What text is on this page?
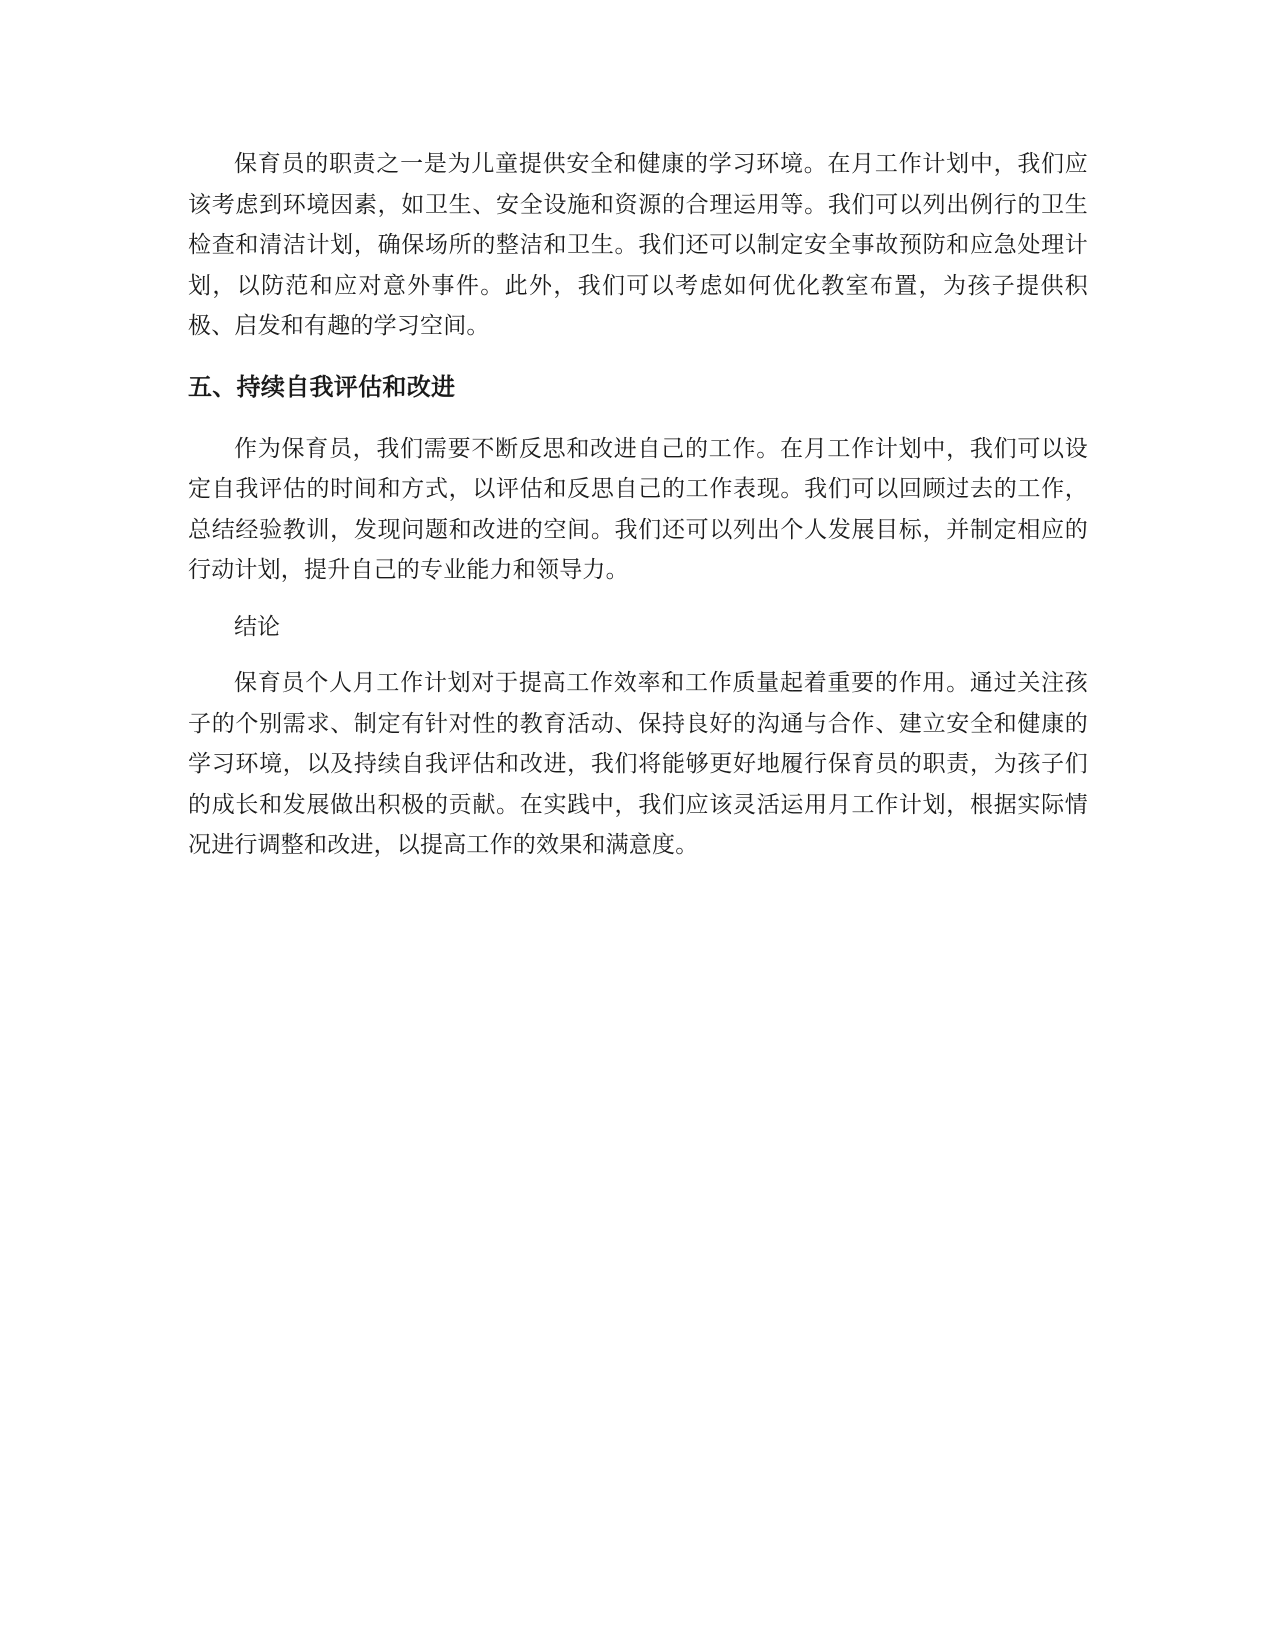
保育员的职责之一是为儿童提供安全和健康的学习环境。在月工作计划中，我们应该考虑到环境因素，如卫生、安全设施和资源的合理运用等。我们可以列出例行的卫生检查和清洁计划，确保场所的整洁和卫生。我们还可以制定安全事故预防和应急处理计划，以防范和应对意外事件。此外，我们可以考虑如何优化教室布置，为孩子提供积极、启发和有趣的学习空间。

五、持续自我评估和改进

作为保育员，我们需要不断反思和改进自己的工作。在月工作计划中，我们可以设定自我评估的时间和方式，以评估和反思自己的工作表现。我们可以回顾过去的工作，总结经验教训，发现问题和改进的空间。我们还可以列出个人发展目标，并制定相应的行动计划，提升自己的专业能力和领导力。

结论

保育员个人月工作计划对于提高工作效率和工作质量起着重要的作用。通过关注孩子的个别需求、制定有针对性的教育活动、保持良好的沟通与合作、建立安全和健康的学习环境，以及持续自我评估和改进，我们将能够更好地履行保育员的职责，为孩子们的成长和发展做出积极的贡献。在实践中，我们应该灵活运用月工作计划，根据实际情况进行调整和改进，以提高工作的效果和满意度。
